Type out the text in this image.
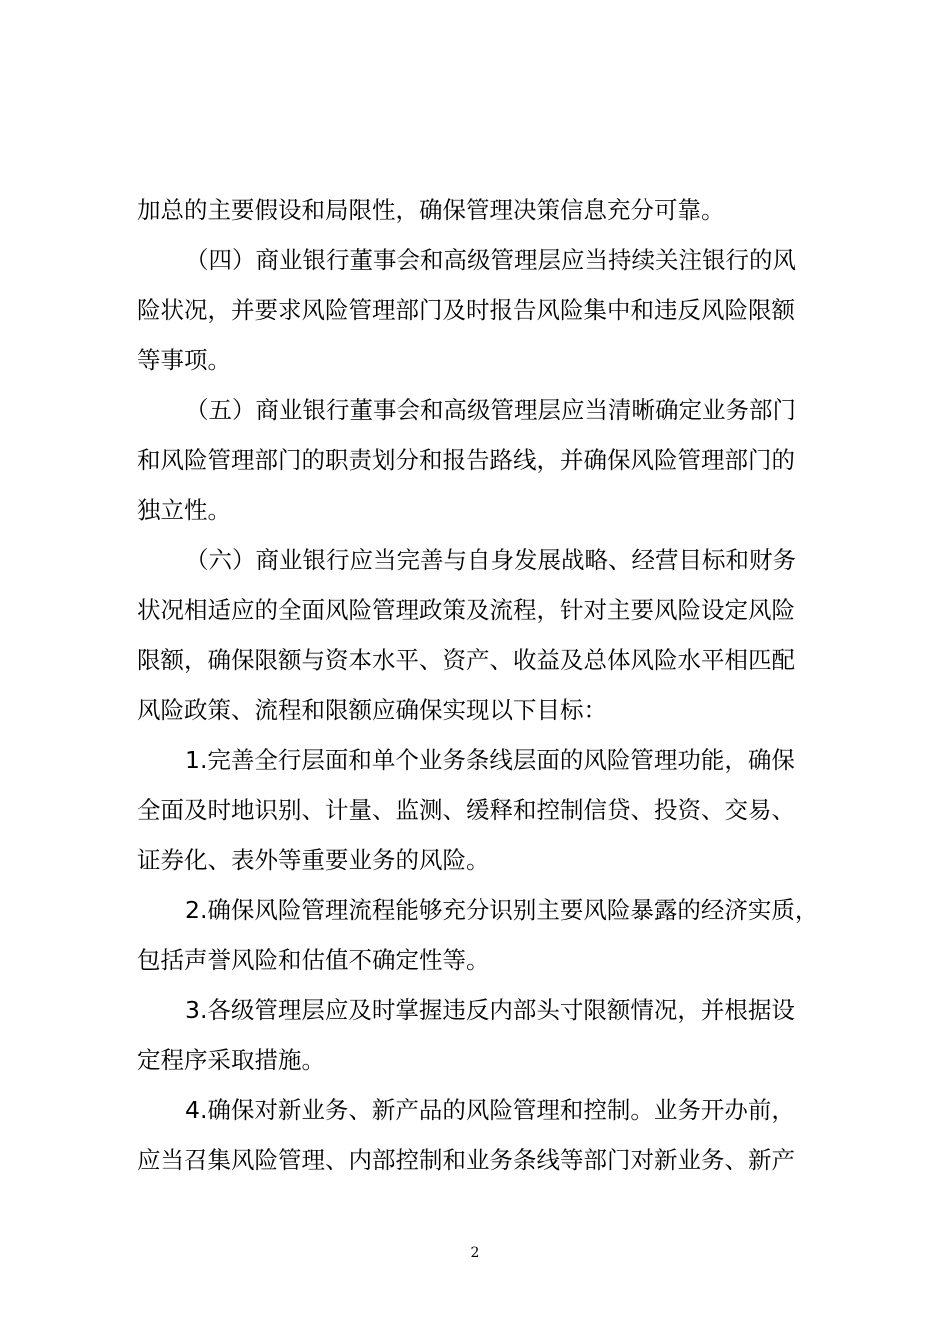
加总的主要假设和局限性，确保管理决策信息充分可靠。
（四）商业银行董事会和高级管理层应当持续关注银行的风
险状况，并要求风险管理部门及时报告风险集中和违反风险限额
等事项。
（五）商业银行董事会和高级管理层应当清晰确定业务部门
和风险管理部门的职责划分和报告路线，并确保风险管理部门的
独立性。
（六）商业银行应当完善与自身发展战略、经营目标和财务
状况相适应的全面风险管理政策及流程，针对主要风险设定风险
限额，确保限额与资本水平、资产、收益及总体风险水平相匹配
风险政策、流程和限额应确保实现以下目标：
1.完善全行层面和单个业务条线层面的风险管理功能，确保
全面及时地识别、计量、监测、缓释和控制信贷、投资、交易、
证券化、表外等重要业务的风险。
2.确保风险管理流程能够充分识别主要风险暴露的经济实质，
包括声誉风险和估值不确定性等。
3.各级管理层应及时掌握违反内部头寸限额情况，并根据设
定程序采取措施。
4.确保对新业务、新产品的风险管理和控制。业务开办前，
应当召集风险管理、内部控制和业务条线等部门对新业务、新产
2
